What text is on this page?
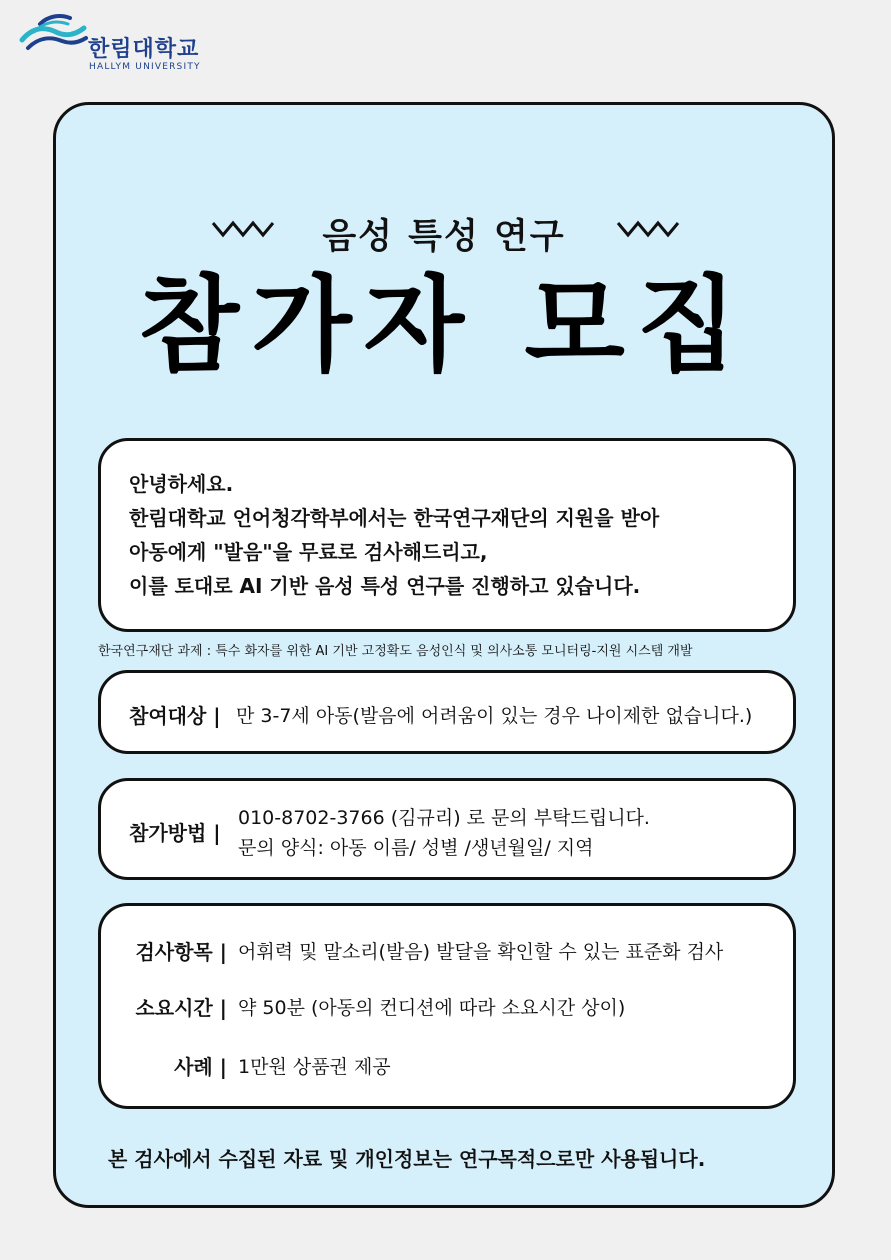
한림대학교
HALLYM UNIVERSITY
음성 특성 연구
참가자 모집
안녕하세요.
한림대학교 언어청각학부에서는 한국연구재단의 지원을 받아
아동에게 "발음"을 무료로 검사해드리고,
이를 토대로 AI 기반 음성 특성 연구를 진행하고 있습니다.
한국연구재단 과제 : 특수 화자를 위한 AI 기반 고정확도 음성인식 및 의사소통 모니터링-지원 시스템 개발
참여대상 | 만 3-7세 아동(발음에 어려움이 있는 경우 나이제한 없습니다.)
참가방법 |
010-8702-3766 (김규리) 로 문의 부탁드립니다.
문의 양식: 아동 이름/ 성별 /생년월일/ 지역
검사항목 | 어휘력 및 말소리(발음) 발달을 확인할 수 있는 표준화 검사
소요시간 | 약 50분 (아동의 컨디션에 따라 소요시간 상이)
사례 | 1만원 상품권 제공
본 검사에서 수집된 자료 및 개인정보는 연구목적으로만 사용됩니다.
